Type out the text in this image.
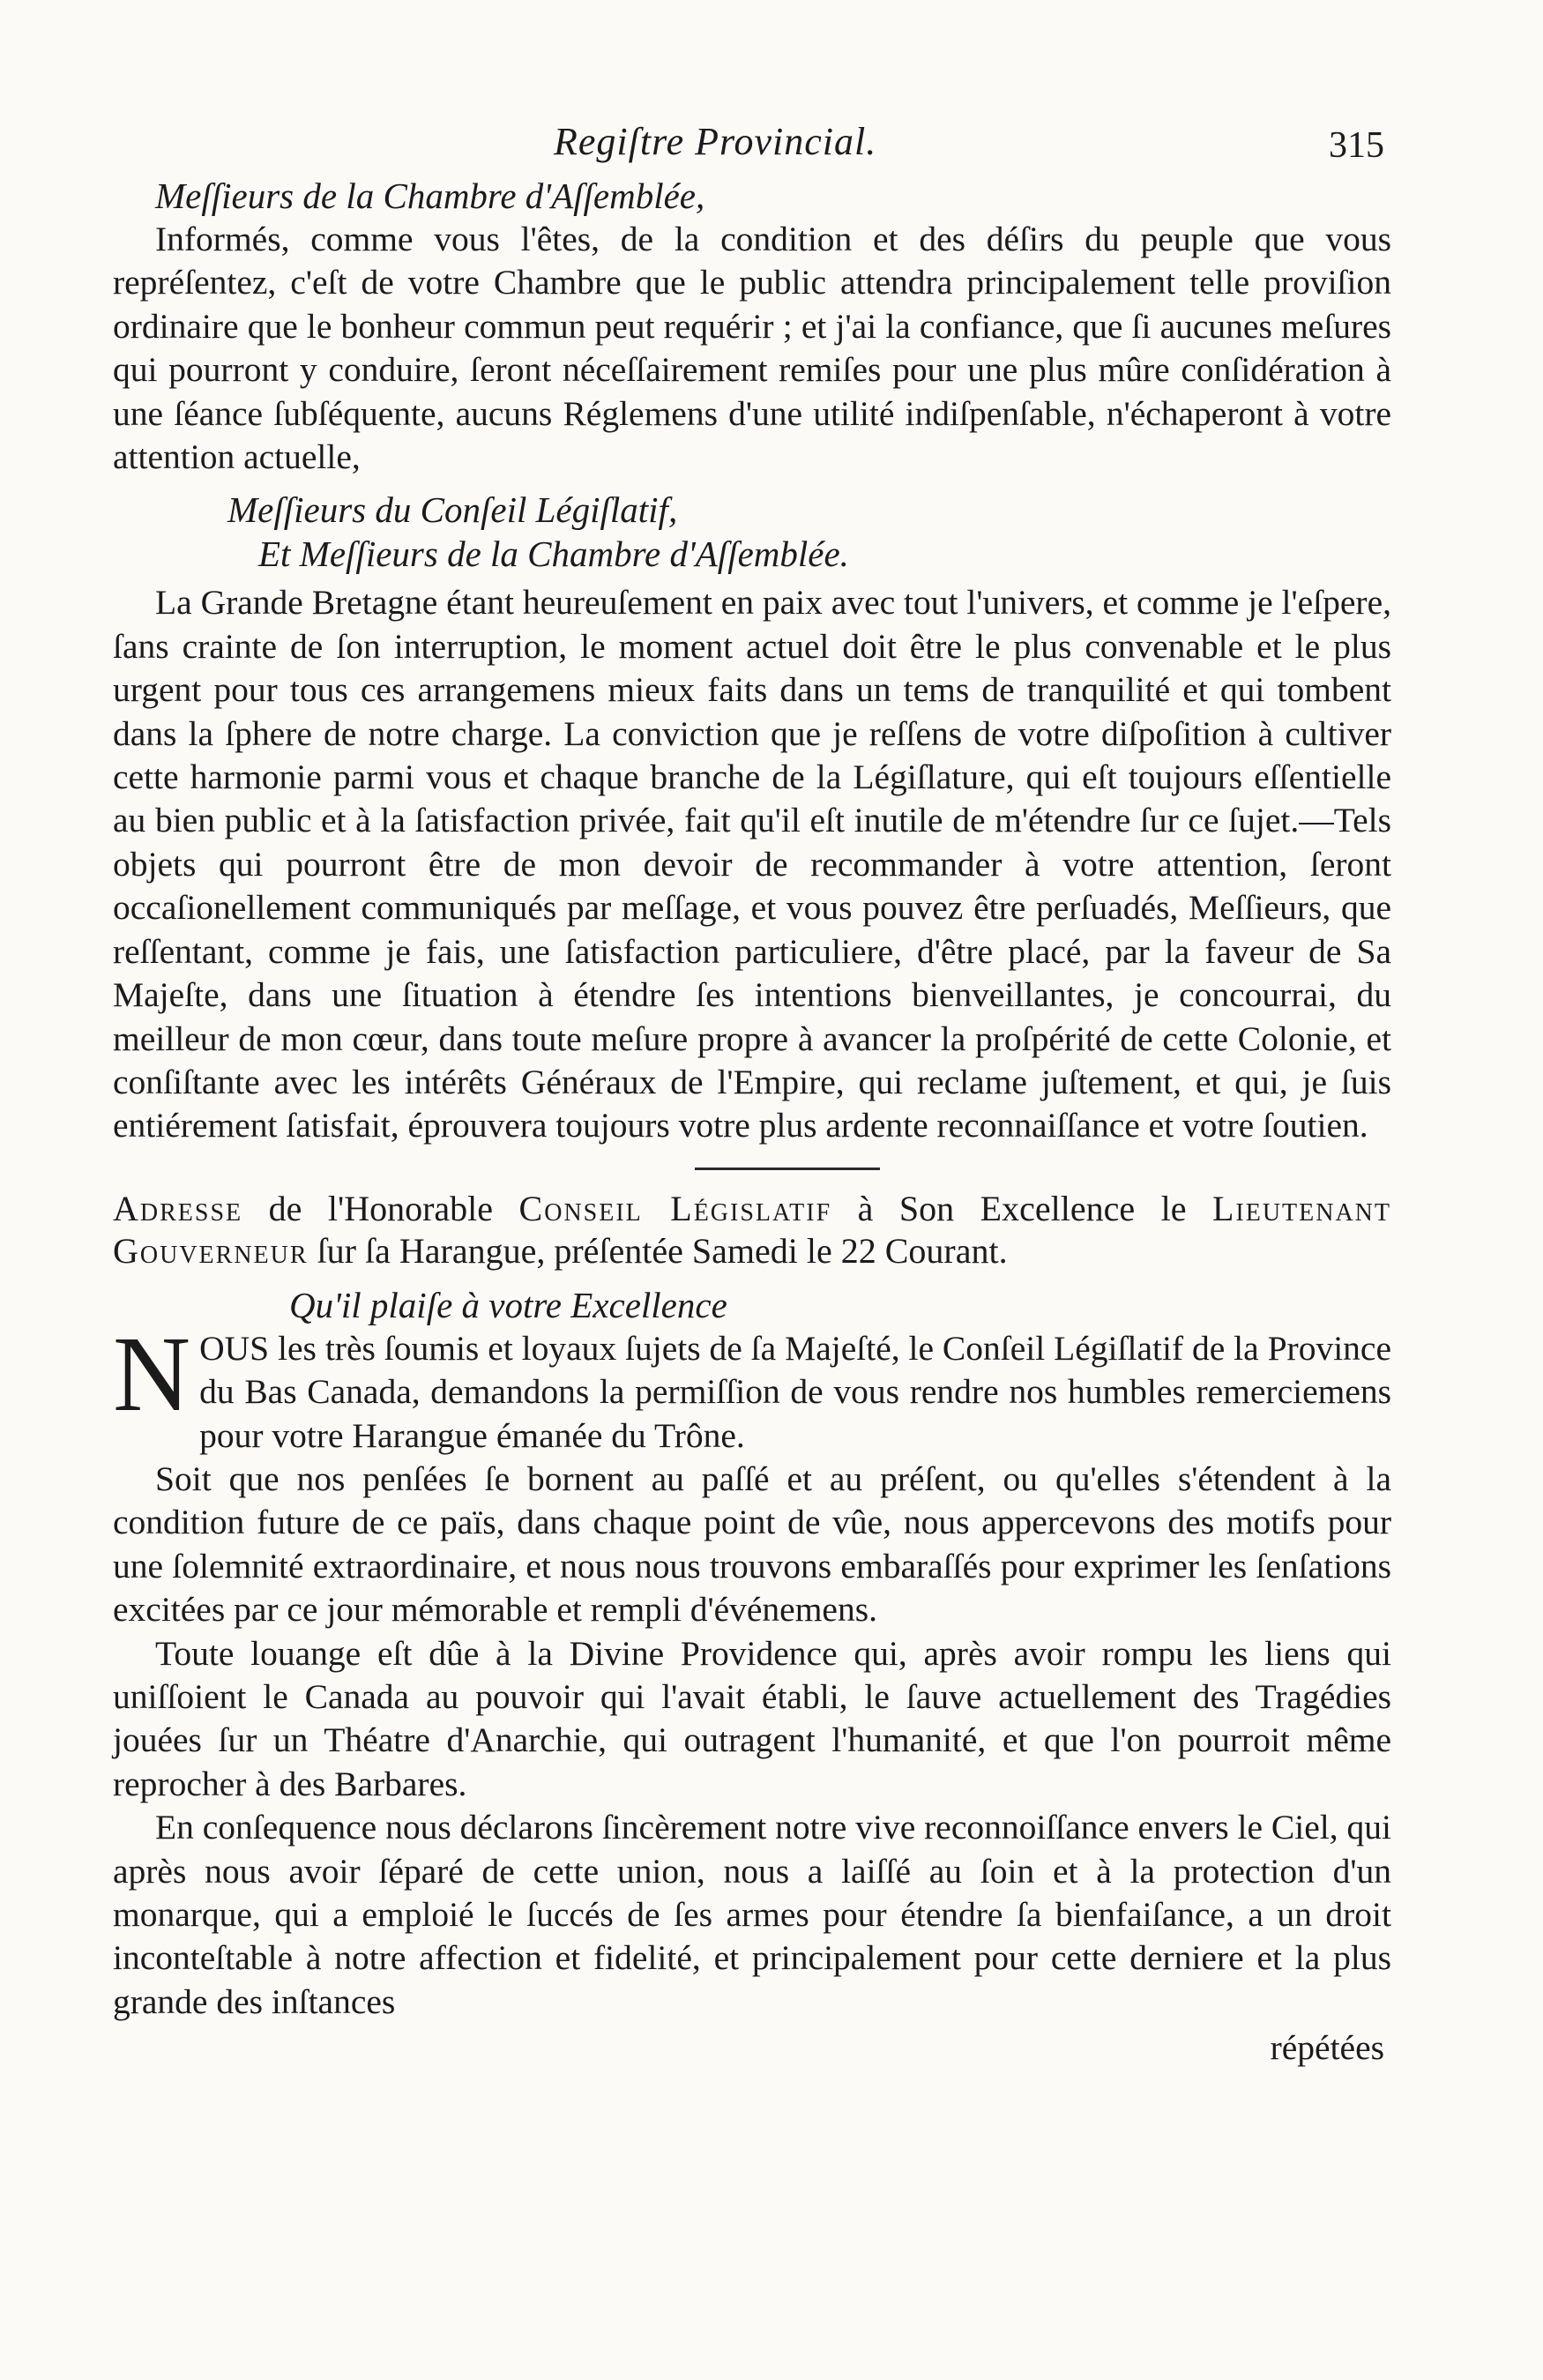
Regiſtre Provincial.	315

Meſſieurs de la Chambre d'Aſſemblée,

Informés, comme vous l'êtes, de la condition et des déſirs du peuple que vous repréſentez, c'eſt de votre Chambre que le public attendra principalement telle proviſion ordinaire que le bonheur commun peut requérir ; et j'ai la confiance, que ſi aucunes meſures qui pourront y conduire, ſeront néceſſairement remiſes pour une plus mûre conſidération à une ſéance ſubſéquente, aucuns Réglemens d'une utilité indiſpenſable, n'échaperont à votre attention actuelle,

Meſſieurs du Conſeil Légiſlatif,

Et Meſſieurs de la Chambre d'Aſſemblée.

La Grande Bretagne étant heureuſement en paix avec tout l'univers, et comme je l'eſpere, ſans crainte de ſon interruption, le moment actuel doit être le plus convenable et le plus urgent pour tous ces arrangemens mieux faits dans un tems de tranquilité et qui tombent dans la ſphere de notre charge. La conviction que je reſſens de votre diſpoſition à cultiver cette harmonie parmi vous et chaque branche de la Légiſlature, qui eſt toujours eſſentielle au bien public et à la ſatisfaction privée, fait qu'il eſt inutile de m'étendre ſur ce ſujet.—Tels objets qui pourront être de mon devoir de recommander à votre attention, ſeront occaſionellement communiqués par meſſage, et vous pouvez être perſuadés, Meſſieurs, que reſſentant, comme je fais, une ſatisfaction particuliere, d'être placé, par la faveur de Sa Majeſte, dans une ſituation à étendre ſes intentions bienveillantes, je concourrai, du meilleur de mon cœur, dans toute meſure propre à avancer la proſpérité de cette Colonie, et conſiſtante avec les intérêts Généraux de l'Empire, qui reclame juſtement, et qui, je ſuis entiérement ſatisfait, éprouvera toujours votre plus ardente reconnaiſſance et votre ſoutien.

Adresse de l'Honorable Conseil Législatif à Son Excellence le Lieutenant Gouverneur ſur ſa Harangue, préſentée Samedi le 22 Courant.

Qu'il plaiſe à votre Excellence

NOUS les très ſoumis et loyaux ſujets de ſa Majeſté, le Conſeil Légiſlatif de la Province du Bas Canada, demandons la permiſſion de vous rendre nos humbles remerciemens pour votre Harangue émanée du Trône.

Soit que nos penſées ſe bornent au paſſé et au préſent, ou qu'elles s'étendent à la condition future de ce païs, dans chaque point de vûe, nous appercevons des motifs pour une ſolemnité extraordinaire, et nous nous trouvons embaraſſés pour exprimer les ſenſations excitées par ce jour mémorable et rempli d'événemens.

Toute louange eſt dûe à la Divine Providence qui, après avoir rompu les liens qui uniſſoient le Canada au pouvoir qui l'avait établi, le ſauve actuellement des Tragédies jouées ſur un Théatre d'Anarchie, qui outragent l'humanité, et que l'on pourroit même reprocher à des Barbares.

En conſequence nous déclarons ſincèrement notre vive reconnoiſſance envers le Ciel, qui après nous avoir ſéparé de cette union, nous a laiſſé au ſoin et à la protection d'un monarque, qui a emploié le ſuccés de ſes armes pour étendre ſa bienfaiſance, a un droit inconteſtable à notre affection et fidelité, et principalement pour cette derniere et la plus grande des inſtances

répétées
